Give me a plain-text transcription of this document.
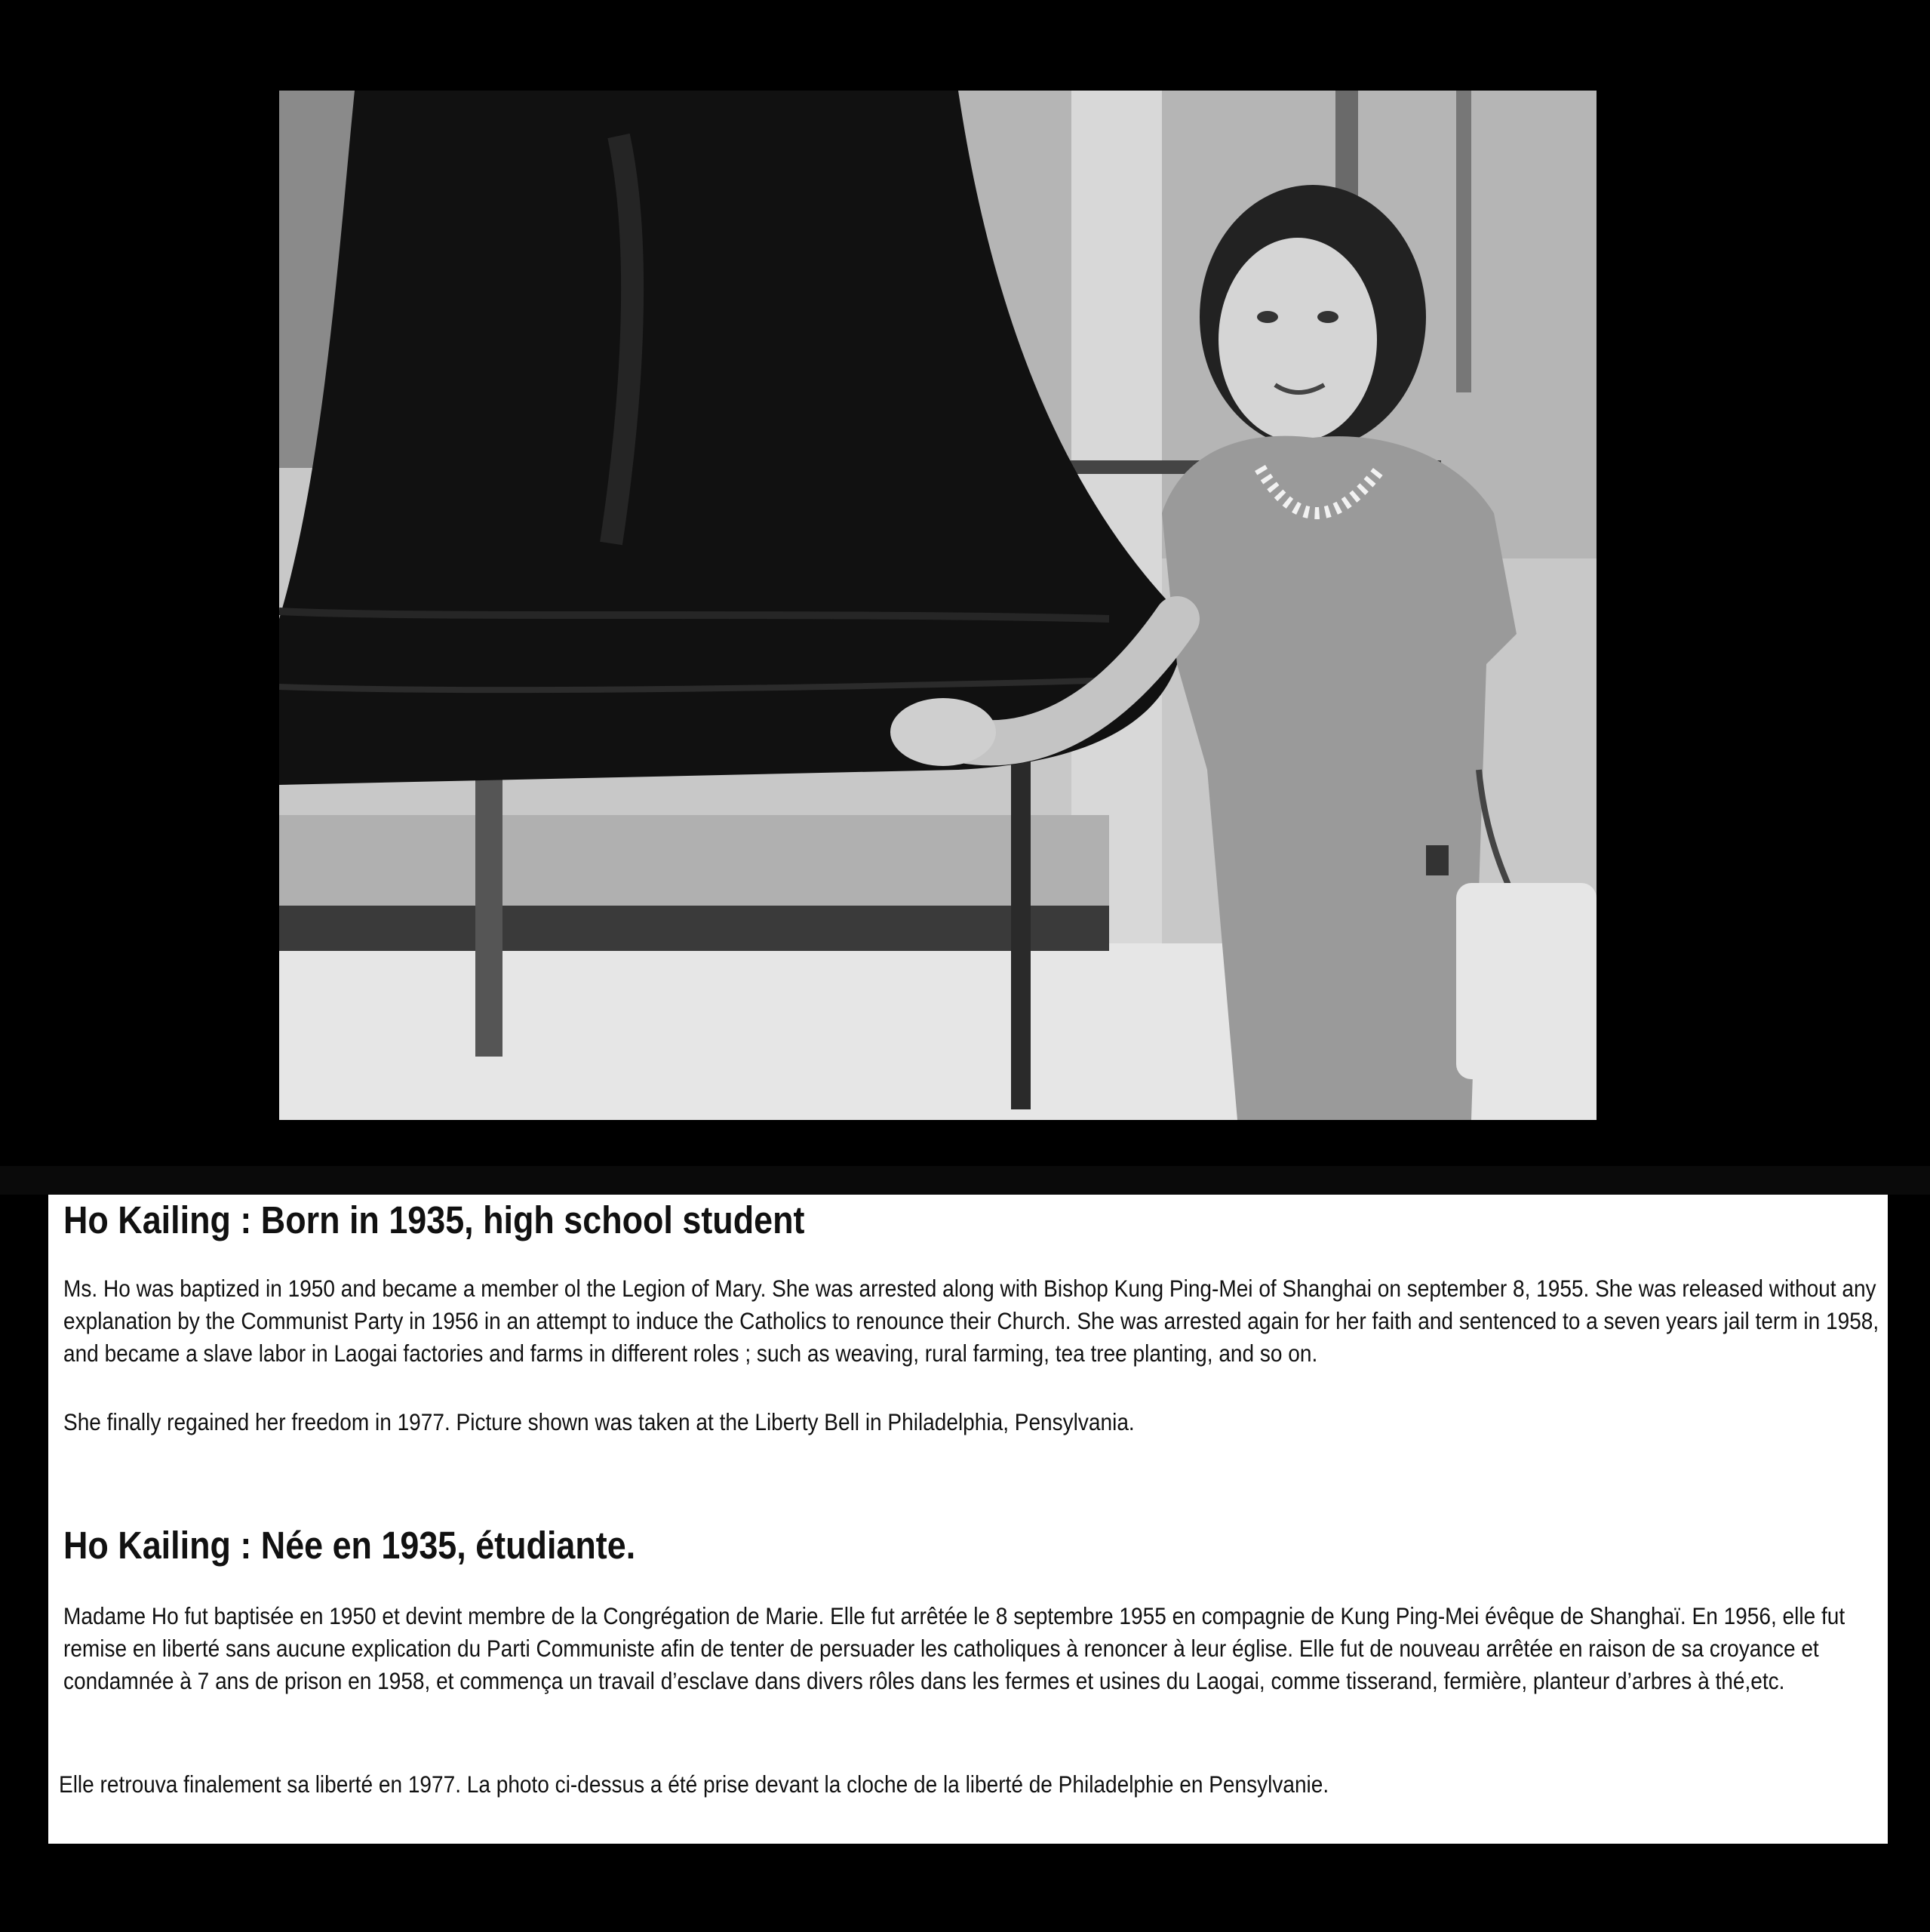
Ho Kailing : Born in 1935, high school student

Ms. Ho was baptized in 1950 and became a member ol the Legion of Mary. She was arrested along with Bishop Kung Ping-Mei of Shanghai on september 8, 1955. She was released without any explanation by the Communist Party in 1956 in an attempt to induce the Catholics to renounce their Church. She was arrested again for her faith and sentenced to a seven years jail term in 1958, and became a slave labor in Laogai factories and farms in different roles ; such as weaving, rural farming, tea tree planting, and so on.

She finally regained her freedom in 1977. Picture shown was taken at the Liberty Bell in Philadelphia, Pensylvania.

Ho Kailing : Née en 1935, étudiante.

Madame Ho fut baptisée en 1950 et devint membre de la Congrégation de Marie. Elle fut arrêtée le 8 septembre 1955 en compagnie de Kung Ping-Mei évêque de Shanghaï. En 1956, elle fut remise en liberté sans aucune explication du Parti Communiste afin de tenter de persuader les catholiques à renoncer à leur église. Elle fut de nouveau arrêtée en raison de sa croyance et condamnée à 7 ans de prison en 1958, et commença un travail d’esclave dans divers rôles dans les fermes et usines du Laogai, comme tisserand, fermière, planteur d’arbres à thé,etc.

Elle retrouva finalement sa liberté en 1977. La photo ci-dessus a été prise devant la cloche de la liberté de Philadelphie en Pensylvanie.
